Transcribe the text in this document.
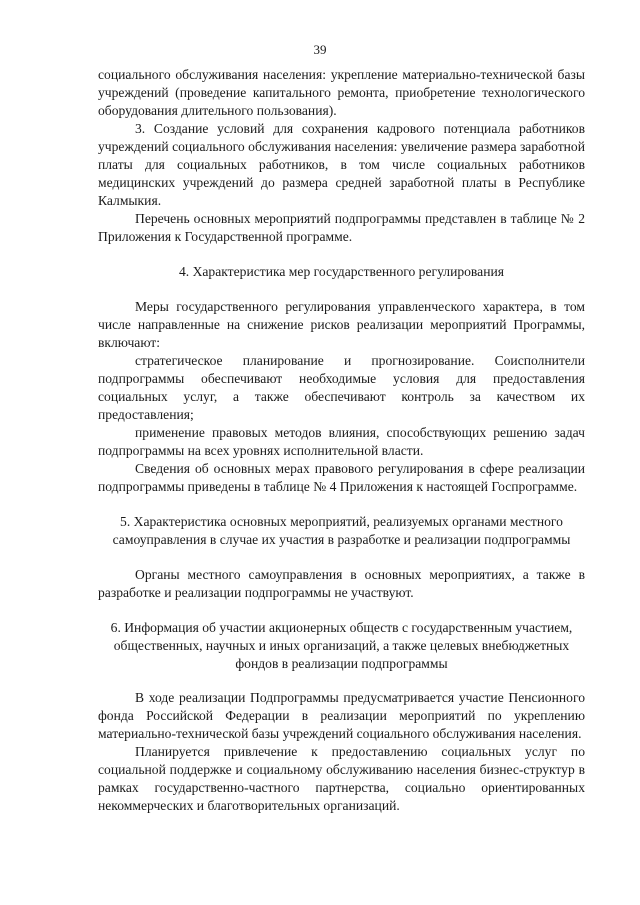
39

социального обслуживания населения: укрепление материально-технической базы учреждений (проведение капитального ремонта, приобретение технологического оборудования длительного пользования).

3. Создание условий для сохранения кадрового потенциала работников учреждений социального обслуживания населения: увеличение размера заработной платы для социальных работников, в том числе социальных работников медицинских учреждений до размера средней заработной платы в Республике Калмыкия.

Перечень основных мероприятий подпрограммы представлен в таблице № 2 Приложения к Государственной программе.

4. Характеристика мер государственного регулирования

Меры государственного регулирования управленческого характера, в том числе направленные на снижение рисков реализации мероприятий Программы, включают:

стратегическое планирование и прогнозирование. Соисполнители подпрограммы обеспечивают необходимые условия для предоставления социальных услуг, а также обеспечивают контроль за качеством их предоставления;

применение правовых методов влияния, способствующих решению задач подпрограммы на всех уровнях исполнительной власти.

Сведения об основных мерах правового регулирования в сфере реализации подпрограммы приведены в таблице № 4 Приложения к настоящей Госпрограмме.

5. Характеристика основных мероприятий, реализуемых органами местного самоуправления в случае их участия в разработке и реализации подпрограммы

Органы местного самоуправления в основных мероприятиях, а также в разработке и реализации подпрограммы не участвуют.

6. Информация об участии акционерных обществ с государственным участием, общественных, научных и иных организаций, а также целевых внебюджетных фондов в реализации подпрограммы

В ходе реализации Подпрограммы предусматривается участие Пенсионного фонда Российской Федерации в реализации мероприятий по укреплению материально-технической базы учреждений социального обслуживания населения.

Планируется привлечение к предоставлению социальных услуг по социальной поддержке и социальному обслуживанию населения бизнес-структур в рамках государственно-частного партнерства, социально ориентированных некоммерческих и благотворительных организаций.
